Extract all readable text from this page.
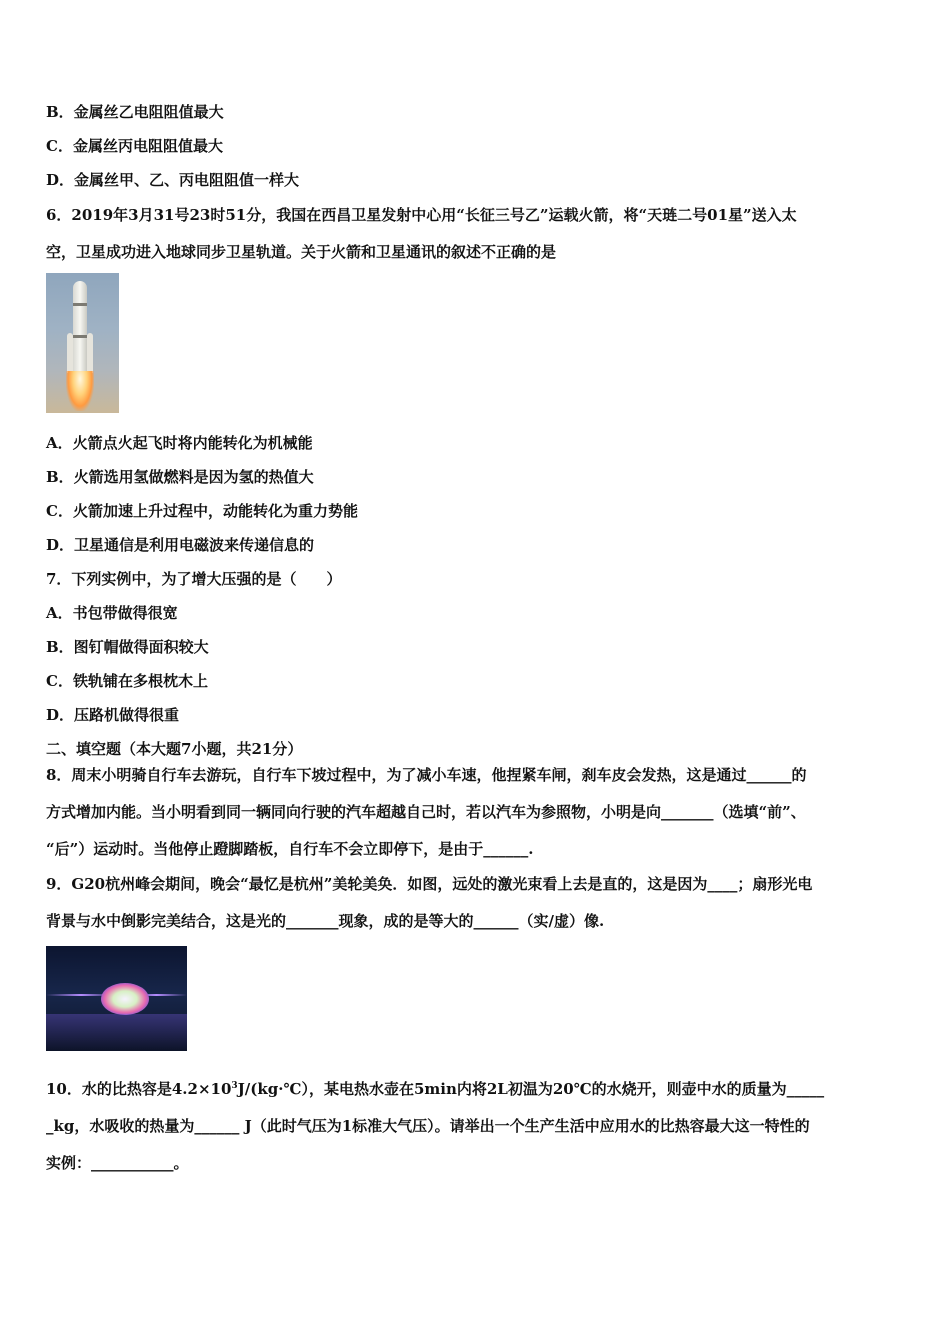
B．金属丝乙电阻阻值最大
C．金属丝丙电阻阻值最大
D．金属丝甲、乙、丙电阻阻值一样大
6．2019年3月31号23时51分，我国在西昌卫星发射中心用“长征三号乙”运载火箭，将“天琏二号01星”送入太
空，卫星成功进入地球同步卫星轨道。关于火箭和卫星通讯的叙述不正确的是
A．火箭点火起飞时将内能转化为机械能
B．火箭选用氢做燃料是因为氢的热值大
C．火箭加速上升过程中，动能转化为重力势能
D．卫星通信是利用电磁波来传递信息的
7．下列实例中，为了增大压强的是（　　）
A．书包带做得很宽
B．图钉帽做得面积较大
C．铁轨铺在多根枕木上
D．压路机做得很重
二、填空题（本大题7小题，共21分）
8．周末小明骑自行车去游玩，自行车下坡过程中，为了减小车速，他捏紧车闸，刹车皮会发热，这是通过______的
方式增加内能。当小明看到同一辆同向行驶的汽车超越自己时，若以汽车为参照物，小明是向_______（选填“前”、
“后”）运动时。当他停止蹬脚踏板，自行车不会立即停下，是由于______.
9．G20杭州峰会期间，晚会“最忆是杭州”美轮美奂．如图，远处的激光束看上去是直的，这是因为____；扇形光电
背景与水中倒影完美结合，这是光的_______现象，成的是等大的______（实/虚）像.
10．水的比热容是$4.2\times 10^3J/(kg\cdot℃)$，某电热水壶在5min内将2L初温为20℃的水烧开，则壶中水的质量为_____
_kg，水吸收的热量为______ J（此时气压为1标准大气压）。请举出一个生产生活中应用水的比热容最大这一特性的
实例：___________。
